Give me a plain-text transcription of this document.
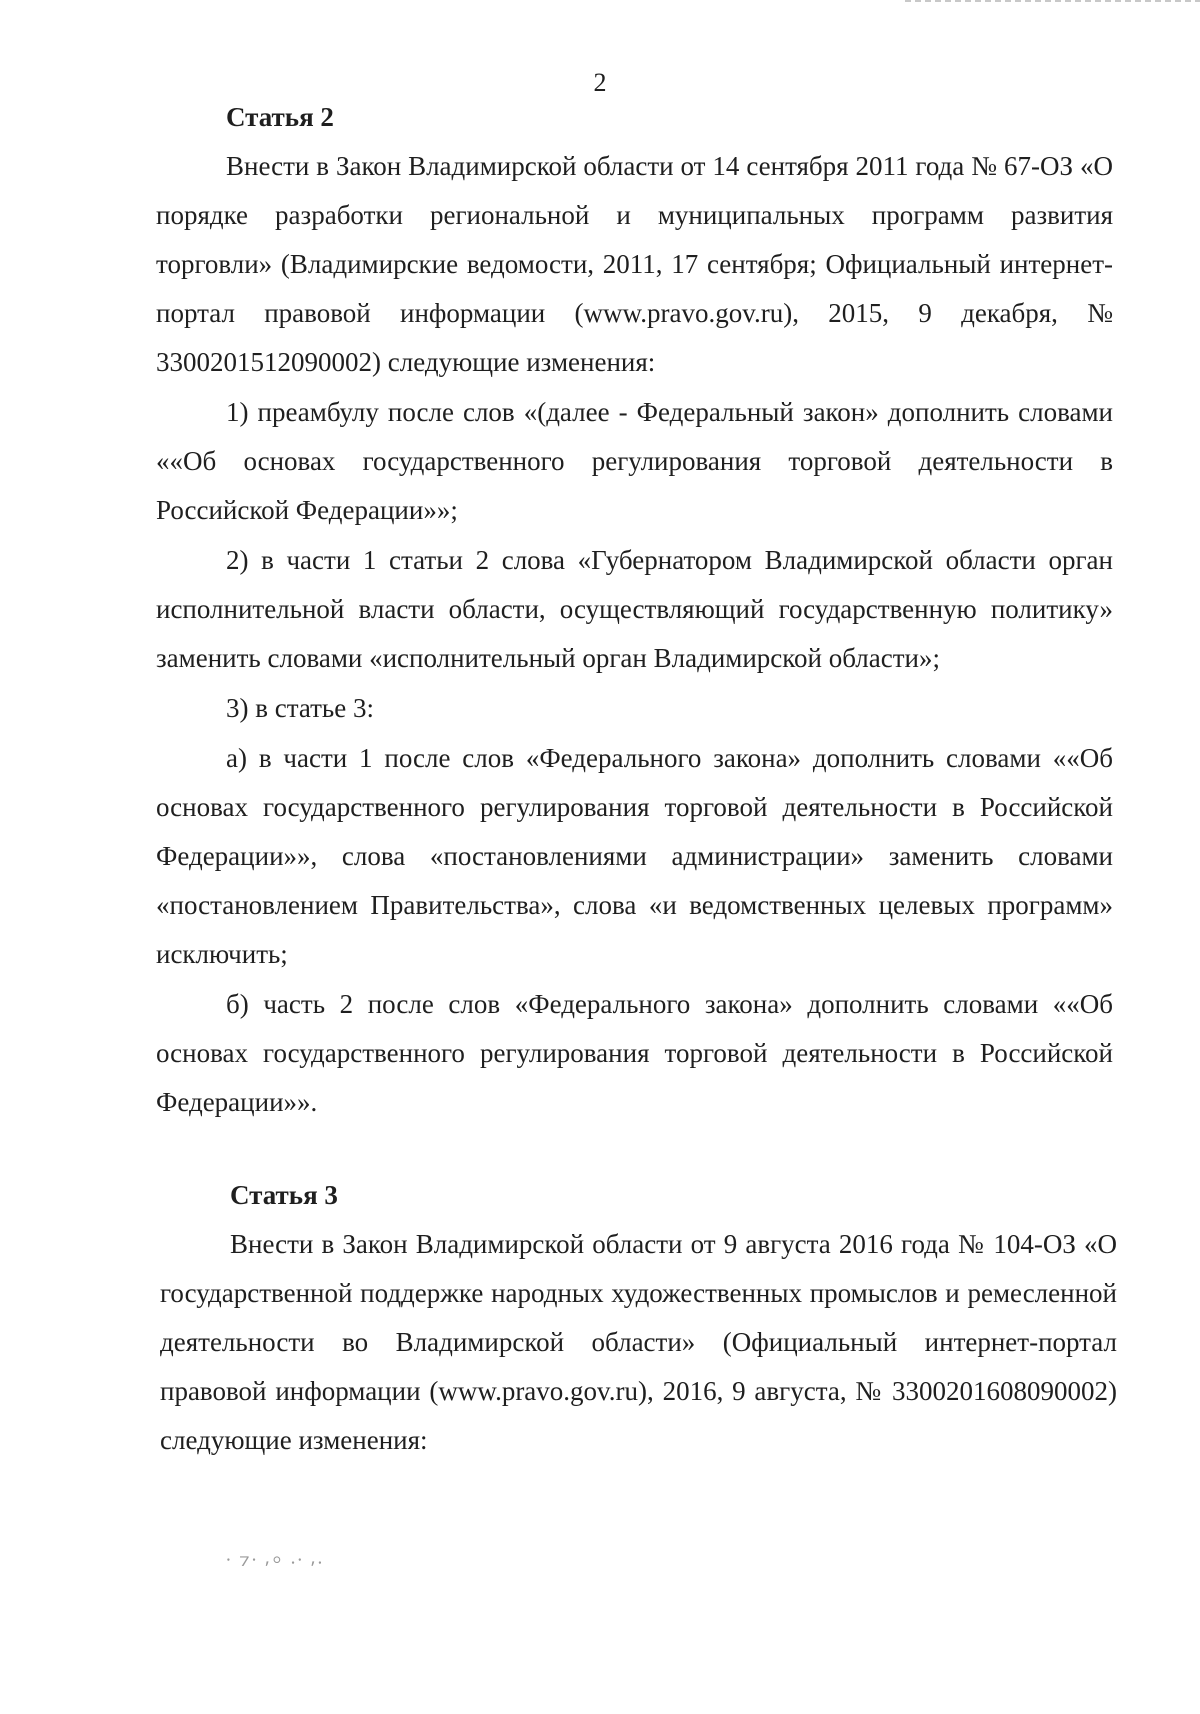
2
Статья 2

Внести в Закон Владимирской области от 14 сентября 2011 года № 67-ОЗ «О порядке разработки региональной и муниципальных программ развития торговли» (Владимирские ведомости, 2011, 17 сентября; Официальный интернет-портал правовой информации (www.pravo.gov.ru), 2015, 9 декабря, № 3300201512090002) следующие изменения:

1) преамбулу после слов «(далее - Федеральный закон» дополнить словами ««Об основах государственного регулирования торговой деятельности в Российской Федерации»»;

2) в части 1 статьи 2 слова «Губернатором Владимирской области орган исполнительной власти области, осуществляющий государственную политику» заменить словами «исполнительный орган Владимирской области»;

3) в статье 3:

а) в части 1 после слов «Федерального закона» дополнить словами ««Об основах государственного регулирования торговой деятельности в Российской Федерации»», слова «постановлениями администрации» заменить словами «постановлением Правительства», слова «и ведомственных целевых программ» исключить;

б) часть 2 после слов «Федерального закона» дополнить словами ««Об основах государственного регулирования торговой деятельности в Российской Федерации»».

Статья 3

Внести в Закон Владимирской области от 9 августа 2016 года № 104-ОЗ «О государственной поддержке народных художественных промыслов и ремесленной деятельности во Владимирской области» (Официальный интернет-портал правовой информации (www.pravo.gov.ru), 2016, 9 августа, № 3300201608090002) следующие изменения:

⸱ ⁊⸱ ⸴⸰ ⸳⸱ ⸴⸳
